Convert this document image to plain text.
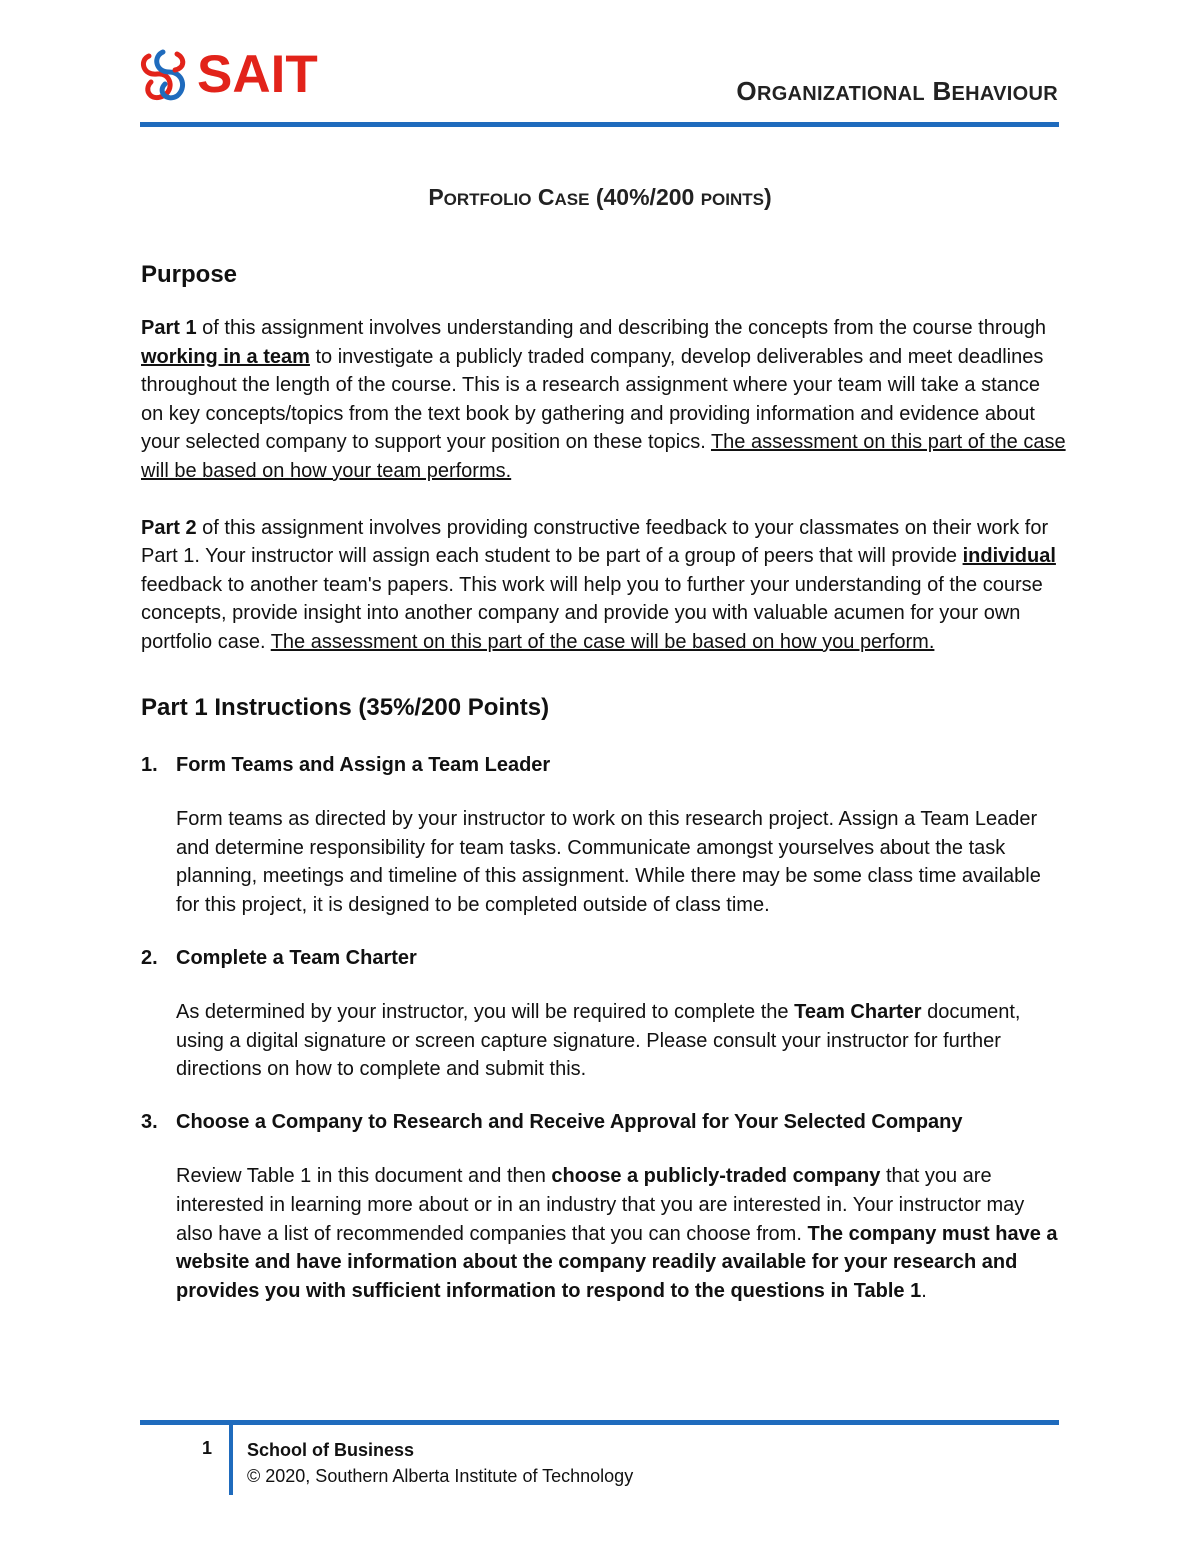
SAIT	ORGANIZATIONAL BEHAVIOUR
PORTFOLIO CASE (40%/200 POINTS)
Purpose

Part 1 of this assignment involves understanding and describing the concepts from the course through working in a team to investigate a publicly traded company, develop deliverables and meet deadlines throughout the length of the course. This is a research assignment where your team will take a stance on key concepts/topics from the text book by gathering and providing information and evidence about your selected company to support your position on these topics. The assessment on this part of the case will be based on how your team performs.

Part 2 of this assignment involves providing constructive feedback to your classmates on their work for Part 1. Your instructor will assign each student to be part of a group of peers that will provide individual feedback to another team's papers. This work will help you to further your understanding of the course concepts, provide insight into another company and provide you with valuable acumen for your own portfolio case. The assessment on this part of the case will be based on how you perform.

Part 1 Instructions (35%/200 Points)
1. Form Teams and Assign a Team Leader
Form teams as directed by your instructor to work on this research project. Assign a Team Leader and determine responsibility for team tasks. Communicate amongst yourselves about the task planning, meetings and timeline of this assignment. While there may be some class time available for this project, it is designed to be completed outside of class time.
2. Complete a Team Charter
As determined by your instructor, you will be required to complete the Team Charter document, using a digital signature or screen capture signature. Please consult your instructor for further directions on how to complete and submit this.
3. Choose a Company to Research and Receive Approval for Your Selected Company
Review Table 1 in this document and then choose a publicly-traded company that you are interested in learning more about or in an industry that you are interested in. Your instructor may also have a list of recommended companies that you can choose from. The company must have a website and have information about the company readily available for your research and provides you with sufficient information to respond to the questions in Table 1.
1 School of Business
© 2020, Southern Alberta Institute of Technology
